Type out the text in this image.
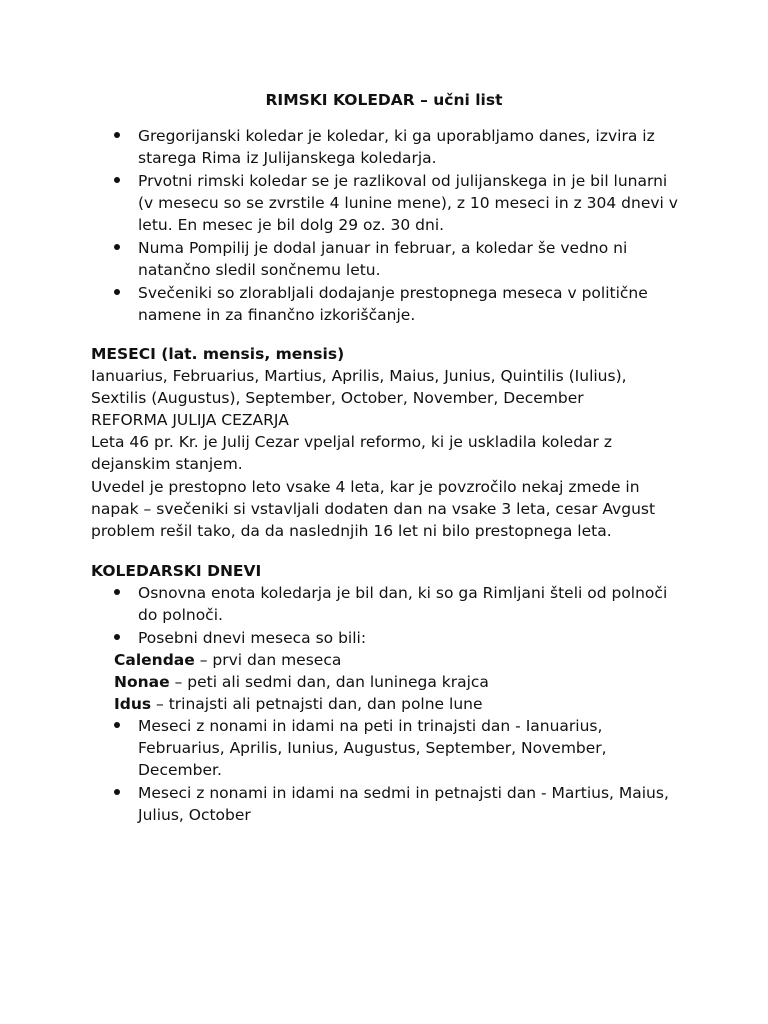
RIMSKI KOLEDAR – učni list
Gregorijanski koledar je koledar, ki ga uporabljamo danes, izvira iz
starega Rima iz Julijanskega koledarja.
Prvotni rimski koledar se je razlikoval od julijanskega in je bil lunarni
(v mesecu so se zvrstile 4 lunine mene), z 10 meseci in z 304 dnevi v
letu. En mesec je bil dolg 29 oz. 30 dni.
Numa Pompilij je dodal januar in februar, a koledar še vedno ni
natančno sledil sončnemu letu.
Svečeniki so zlorabljali dodajanje prestopnega meseca v politične
namene in za finančno izkoriščanje.
MESECI (lat. mensis, mensis)
Ianuarius, Februarius, Martius, Aprilis, Maius, Junius, Quintilis (Iulius),
Sextilis (Augustus), September, October, November, December
REFORMA JULIJA CEZARJA
Leta 46 pr. Kr. je Julij Cezar vpeljal reformo, ki je uskladila koledar z
dejanskim stanjem.
Uvedel je prestopno leto vsake 4 leta, kar je povzročilo nekaj zmede in
napak – svečeniki si vstavljali dodaten dan na vsake 3 leta, cesar Avgust
problem rešil tako, da da naslednjih 16 let ni bilo prestopnega leta.
KOLEDARSKI DNEVI
Osnovna enota koledarja je bil dan, ki so ga Rimljani šteli od polnoči
do polnoči.
Posebni dnevi meseca so bili:
Calendae – prvi dan meseca
Nonae – peti ali sedmi dan, dan luninega krajca
Idus – trinajsti ali petnajsti dan, dan polne lune
Meseci z nonami in idami na peti in trinajsti dan - Ianuarius,
Februarius, Aprilis, Iunius, Augustus, September, November,
December.
Meseci z nonami in idami na sedmi in petnajsti dan - Martius, Maius,
Julius, October
